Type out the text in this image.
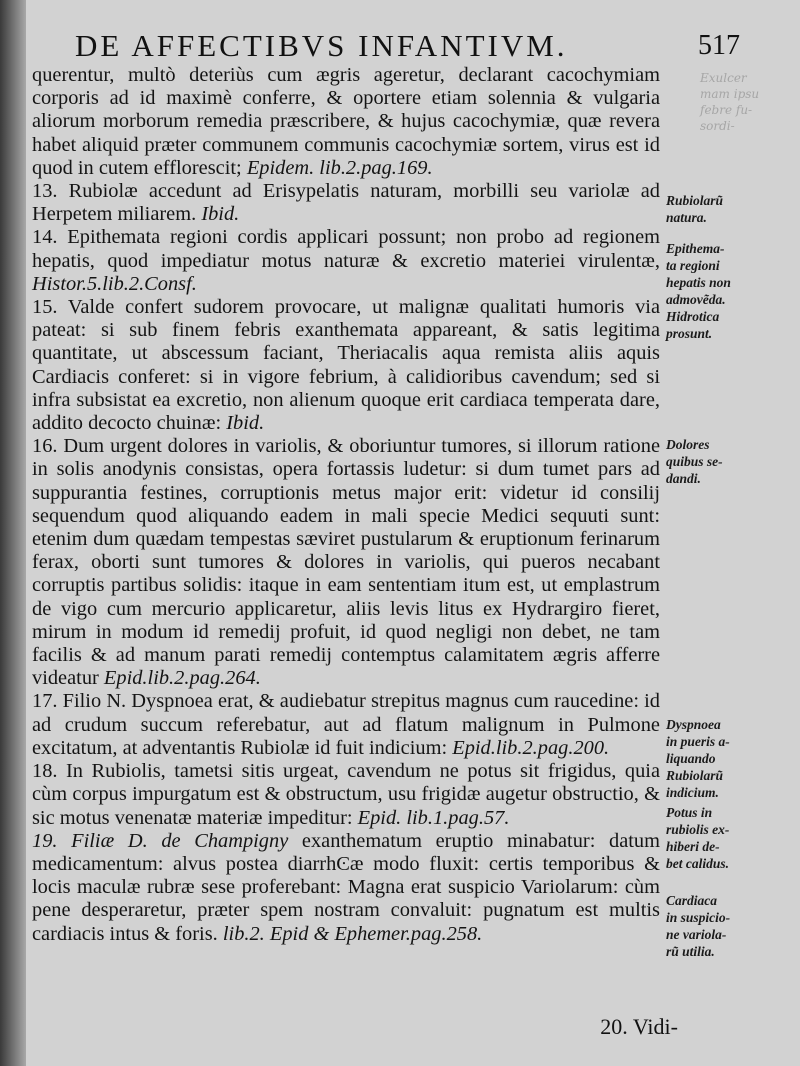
DE AFFECTIBVS INFANTIVM.	517
Exulcer
mam ipsu
febre fu-
sordi-

querentur, multò deteriùs cum ægris ageretur, declarant cacochymiam corporis ad id maximè conferre, & oportere etiam solennia & vulgaria aliorum morborum remedia præscribere, & hujus cacochymiæ, quæ revera habet aliquid præter communem communis cacochymiæ sortem, virus est id quod in cutem efflorescit; Epidem. lib.2.pag.169.

13. Rubiolæ accedunt ad Erisypelatis naturam, morbilli seu variolæ ad Herpetem miliarem. Ibid.

14. Epithemata regioni cordis applicari possunt; non probo ad regionem hepatis, quod impediatur motus naturæ & excretio materiei virulentæ, Histor.5.lib.2.Consf.

15. Valde confert sudorem provocare, ut malignæ qualitati humoris via pateat: si sub finem febris exanthemata appareant, & satis legitima quantitate, ut abscessum faciant, Theriacalis aqua remista aliis aquis Cardiacis conferet: si in vigore febrium, à calidioribus cavendum; sed si infra subsistat ea excretio, non alienum quoque erit cardiaca temperata dare, addito decocto chuinæ: Ibid.

16. Dum urgent dolores in variolis, & oboriuntur tumores, si illorum ratione in solis anodynis consistas, opera fortassis ludetur: si dum tumet pars ad suppurantia festines, corruptionis metus major erit: videtur id consilij sequendum quod aliquando eadem in mali specie Medici sequuti sunt: etenim dum quædam tempestas sæviret pustularum & eruptionum ferinarum ferax, oborti sunt tumores & dolores in variolis, qui pueros necabant corruptis partibus solidis: itaque in eam sententiam itum est, ut emplastrum de vigo cum mercurio applicaretur, aliis levis litus ex Hydrargiro fieret, mirum in modum id remedij profuit, id quod negligi non debet, ne tam facilis & ad manum parati remedij contemptus calamitatem ægris afferre videatur Epid.lib.2.pag.264.

17. Filio N. Dyspnoea erat, & audiebatur strepitus magnus cum raucedine: id ad crudum succum referebatur, aut ad flatum malignum in Pulmone excitatum, at adventantis Rubiolæ id fuit indicium: Epid.lib.2.pag.200.

18. In Rubiolis, tametsi sitis urgeat, cavendum ne potus sit frigidus, quia cùm corpus impurgatum est & obstructum, usu frigidæ augetur obstructio, & sic motus venenatæ materiæ impeditur: Epid. lib.1.pag.57.

19. Filiæ D. de Champigny exanthematum eruptio minabatur: datum medicamentum: alvus postea diarrhϾæ modo fluxit: certis temporibus & locis maculæ rubræ sese proferebant: Magna erat suspicio Variolarum: cùm pene desperaretur, præter spem nostram convaluit: pugnatum est multis cardiacis intus & foris. lib.2. Epid & Ephemer.pag.258.

Rubiolarũ
natura.
Epithema-
ta regioni
hepatis non
admovẽda.
Hidrotica
prosunt.
Dolores
quibus se-
dandi.
Dyspnoea
in pueris a-
liquando
Rubiolarũ
indicium.
Potus in
rubiolis ex-
hiberi de-
bet calidus.
Cardiaca
in suspicio-
ne variola-
rũ utilia.
20. Vidi-
